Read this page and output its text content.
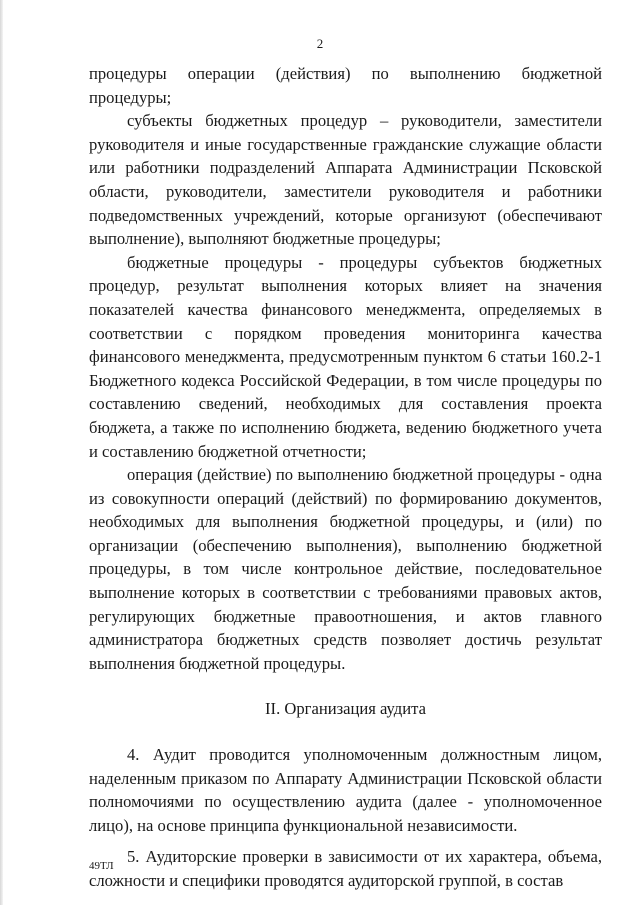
2

процедуры операции (действия) по выполнению бюджетной процедуры;

субъекты бюджетных процедур – руководители, заместители руководителя и иные государственные гражданские служащие области или работники подразделений Аппарата Администрации Псковской области, руководители, заместители руководителя и работники подведомственных учреждений, которые организуют (обеспечивают выполнение), выполняют бюджетные процедуры;

бюджетные процедуры - процедуры субъектов бюджетных процедур, результат выполнения которых влияет на значения показателей качества финансового менеджмента, определяемых в соответствии с порядком проведения мониторинга качества финансового менеджмента, предусмотренным пунктом 6 статьи 160.2-1 Бюджетного кодекса Российской Федерации, в том числе процедуры по составлению сведений, необходимых для составления проекта бюджета, а также по исполнению бюджета, ведению бюджетного учета и составлению бюджетной отчетности;

операция (действие) по выполнению бюджетной процедуры - одна из совокупности операций (действий) по формированию документов, необходимых для выполнения бюджетной процедуры, и (или) по организации (обеспечению выполнения), выполнению бюджетной процедуры, в том числе контрольное действие, последовательное выполнение которых в соответствии с требованиями правовых актов, регулирующих бюджетные правоотношения, и актов главного администратора бюджетных средств позволяет достичь результат выполнения бюджетной процедуры.

II. Организация аудита

4. Аудит проводится уполномоченным должностным лицом, наделенным приказом по Аппарату Администрации Псковской области полномочиями по осуществлению аудита (далее - уполномоченное лицо), на основе принципа функциональной независимости.

5. Аудиторские проверки в зависимости от их характера, объема, сложности и специфики проводятся аудиторской группой, в состав

49ТЛ
